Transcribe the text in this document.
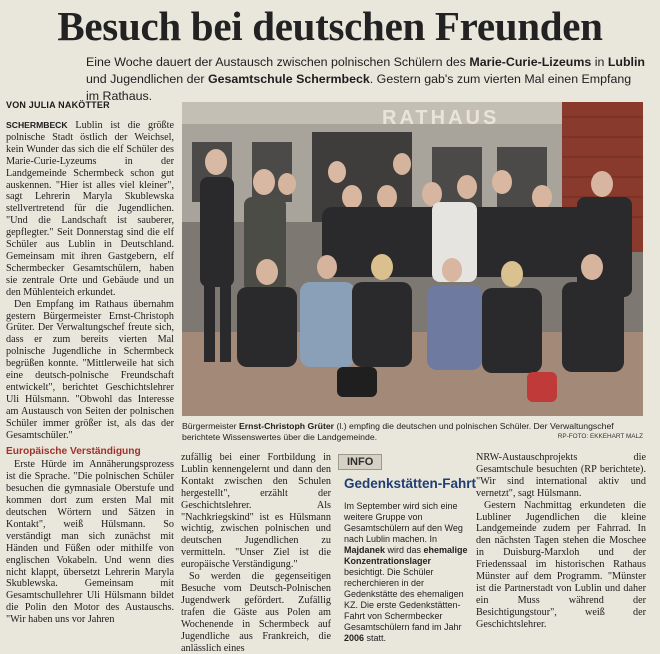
Besuch bei deutschen Freunden
Eine Woche dauert der Austausch zwischen polnischen Schülern des Marie-Curie-Lizeums in Lublin und Jugendlichen der Gesamtschule Schermbeck. Gestern gab's zum vierten Mal einen Empfang im Rathaus.
VON JULIA NAKÖTTER

SCHERMBECK Lublin ist die größte polnische Stadt östlich der Weichsel, kein Wunder das sich die elf Schüler des Marie-Curie-Lyzeums in der Landgemeinde Schermbeck schon gut auskennen. "Hier ist alles viel kleiner", sagt Lehrerin Maryla Skublewska stellvertretend für die Jugendlichen. "Und die Landschaft ist sauberer, gepflegter." Seit Donnerstag sind die elf Schüler aus Lublin in Deutschland. Gemeinsam mit ihren Gastgebern, elf Schermbecker Gesamtschülern, haben sie zentrale Orte und Gebäude und un den Mühlenteich erkundet.

Den Empfang im Rathaus übernahm gestern Bürgermeister Ernst-Christoph Grüter. Der Verwaltungschef freute sich, dass er zum bereits vierten Mal polnische Jugendliche in Schermbeck begrüßen konnte. "Mittlerweile hat sich eine deutsch-polnische Freundschaft entwickelt", berichtet Geschichtslehrer Uli Hülsmann. "Obwohl das Interesse am Austausch von Seiten der polnischen Schüler immer größer ist, als das der Gesamtschüler."

Europäische Verständigung

Erste Hürde im Annäherungsprozess ist die Sprache. "Die polnischen Schüler besuchen die gymnasiale Oberstufe und kommen dort zum ersten Mal mit deutschen Wörtern und Sätzen in Kontakt", weiß Hülsmann. So verständigt man sich zunächst mit Händen und Füßen oder mithilfe von englischen Vokabeln. Und wenn dies nicht klappt, übersetzt Lehrerin Maryla Skublewska. Gemeinsam mit Gesamtschullehrer Uli Hülsmann bildet die Polin den Motor des Austauschs. "Wir haben uns vor Jahren

RATHAUS
Bürgermeister Ernst-Christoph Grüter (l.) empfing die deutschen und polnischen Schüler. Der Verwaltungschef berichtete Wissenswertes über die Landgemeinde.	RP-FOTO: EKKEHART MALZ

zufällig bei einer Fortbildung in Lublin kennengelernt und dann den Kontakt zwischen den Schulen hergestellt", erzählt der Geschichtslehrer. Als "Nachkriegskind" ist es Hülsmann wichtig, zwischen polnischen und deutschen Jugendlichen zu vermitteln. "Unser Ziel ist die europäische Verständigung."

So werden die gegenseitigen Besuche vom Deutsch-Polnischen Jugendwerk gefördert. Zufällig trafen die Gäste aus Polen am Wochenende in Schermbeck auf Jugendliche aus Frankreich, die anlässlich eines

INFO
Gedenkstätten-Fahrt
Im September wird sich eine weitere Gruppe von Gesamtschülern auf den Weg nach Lublin machen. In Majdanek wird das ehemalige Konzentrationslager besichtigt. Die Schüler recherchieren in der Gedenkstätte des ehemaligen KZ. Die erste Gedenkstätten-Fahrt von Schermbecker Gesamtschülern fand im Jahr 2006 statt.

NRW-Austauschprojekts die Gesamtschule besuchten (RP berichtete). "Wir sind international aktiv und vernetzt", sagt Hülsmann.

Gestern Nachmittag erkundeten die Lubliner Jugendlichen die kleine Landgemeinde zudem per Fahrrad. In den nächsten Tagen stehen die Moschee in Duisburg-Marxloh und der Friedenssaal im historischen Rathaus Münster auf dem Programm. "Münster ist die Partnerstadt von Lublin und daher ein Muss während der Besichtigungstour", weiß der Geschichtslehrer.
